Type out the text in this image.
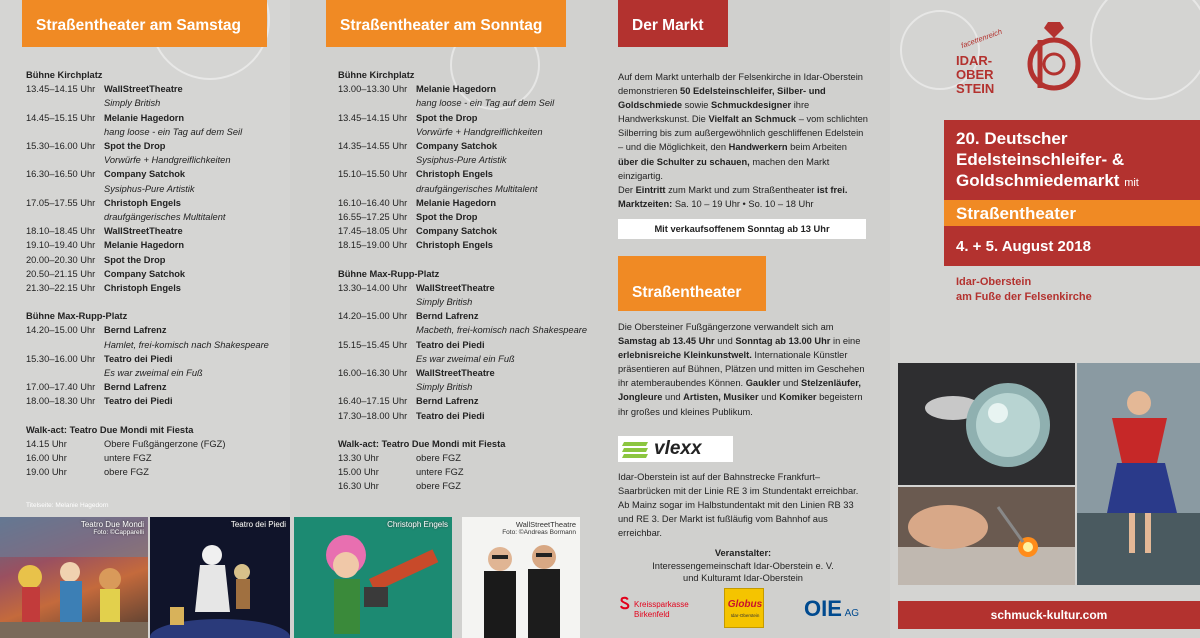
Straßentheater am Samstag
Bühne Kirchplatz
13.45–14.15 Uhr WallStreetTheatre
Simply British
14.45–15.15 Uhr Melanie Hagedorn
hang loose - ein Tag auf dem Seil
15.30–16.00 Uhr Spot the Drop
Vorwürfe + Handgreiflichkeiten
16.30–16.50 Uhr Company Satchok
Sysiphus-Pure Artistik
17.05–17.55 Uhr Christoph Engels
draufgängerisches Multitalent
18.10–18.45 Uhr WallStreetTheatre
19.10–19.40 Uhr Melanie Hagedorn
20.00–20.30 Uhr Spot the Drop
20.50–21.15 Uhr Company Satchok
21.30–22.15 Uhr Christoph Engels
Bühne Max-Rupp-Platz
14.20–15.00 Uhr Bernd Lafrenz
Hamlet, frei-komisch nach Shakespeare
15.30–16.00 Uhr Teatro dei Piedi
Es war zweimal ein Fuß
17.00–17.40 Uhr Bernd Lafrenz
18.00–18.30 Uhr Teatro dei Piedi
Walk-act: Teatro Due Mondi mit Fiesta
14.15 Uhr	Obere Fußgängerzone (FGZ)
16.00 Uhr	untere FGZ
19.00 Uhr	obere FGZ
Titelseite: Melanie Hagedorn
Teatro Due Mondi
Foto: ©Capparelli
Teatro dei Piedi
Straßentheater am Sonntag
Bühne Kirchplatz
13.00–13.30 Uhr Melanie Hagedorn
hang loose - ein Tag auf dem Seil
13.45–14.15 Uhr Spot the Drop
Vorwürfe + Handgreiflichkeiten
14.35–14.55 Uhr Company Satchok
Sysiphus-Pure Artistik
15.10–15.50 Uhr Christoph Engels
draufgängerisches Multitalent
16.10–16.40 Uhr Melanie Hagedorn
16.55–17.25 Uhr Spot the Drop
17.45–18.05 Uhr Company Satchok
18.15–19.00 Uhr Christoph Engels
Bühne Max-Rupp-Platz
13.30–14.00 Uhr WallStreetTheatre
Simply British
14.20–15.00 Uhr Bernd Lafrenz
Macbeth, frei-komisch nach Shakespeare
15.15–15.45 Uhr Teatro dei Piedi
Es war zweimal ein Fuß
16.00–16.30 Uhr WallStreetTheatre
Simply British
16.40–17.15 Uhr Bernd Lafrenz
17.30–18.00 Uhr Teatro dei Piedi
Walk-act: Teatro Due Mondi mit Fiesta
13.30 Uhr	obere FGZ
15.00 Uhr	untere FGZ
16.30 Uhr	obere FGZ
Christoph Engels	WallStreetTheatre
Foto: ©Andreas Bormann
Der Markt
Auf dem Markt unterhalb der Felsenkirche in Idar-Oberstein demonstrieren 50 Edelsteinschleifer, Silber- und Goldschmiede sowie Schmuckdesigner ihre Handwerkskunst. Die Vielfalt an Schmuck – vom schlichten Silberring bis zum außergewöhnlich geschliffenen Edelstein – und die Möglichkeit, den Handwerkern beim Arbeiten über die Schulter zu schauen, machen den Markt einzigartig.
Der Eintritt zum Markt und zum Straßentheater ist frei.
Marktzeiten: Sa. 10 – 19 Uhr • So. 10 – 18 Uhr
Mit verkaufsoffenem Sonntag ab 13 Uhr
Straßentheater
Die Obersteiner Fußgängerzone verwandelt sich am Samstag ab 13.45 Uhr und Sonntag ab 13.00 Uhr in eine erlebnisreiche Kleinkunstwelt. Internationale Künstler präsentieren auf Bühnen, Plätzen und mitten im Geschehen ihr atemberaubendes Können. Gaukler und Stelzenläufer, Jongleure und Artisten, Musiker und Komiker begeistern ihr großes und kleines Publikum.
vlexx
Idar-Oberstein ist auf der Bahnstrecke Frankfurt–Saarbrücken mit der Linie RE 3 im Stundentakt erreichbar. Ab Mainz sogar im Halbstundentakt mit den Linien RB 33 und RE 3. Der Markt ist fußläufig vom Bahnhof aus erreichbar.
Veranstalter:
Interessengemeinschaft Idar-Oberstein e. V.
und Kulturamt Idar-Oberstein
Ꮪ Kreissparkasse
Birkenfeld
Globus
Idar-Oberstein OIE AG
facettenreich
IDAR-
OBER
STEIN
20. Deutscher
Edelsteinschleifer- &
Goldschmiedemarkt mit
Straßentheater
4. + 5. August 2018
Idar-Oberstein
am Fuße der Felsenkirche
schmuck-kultur.com
